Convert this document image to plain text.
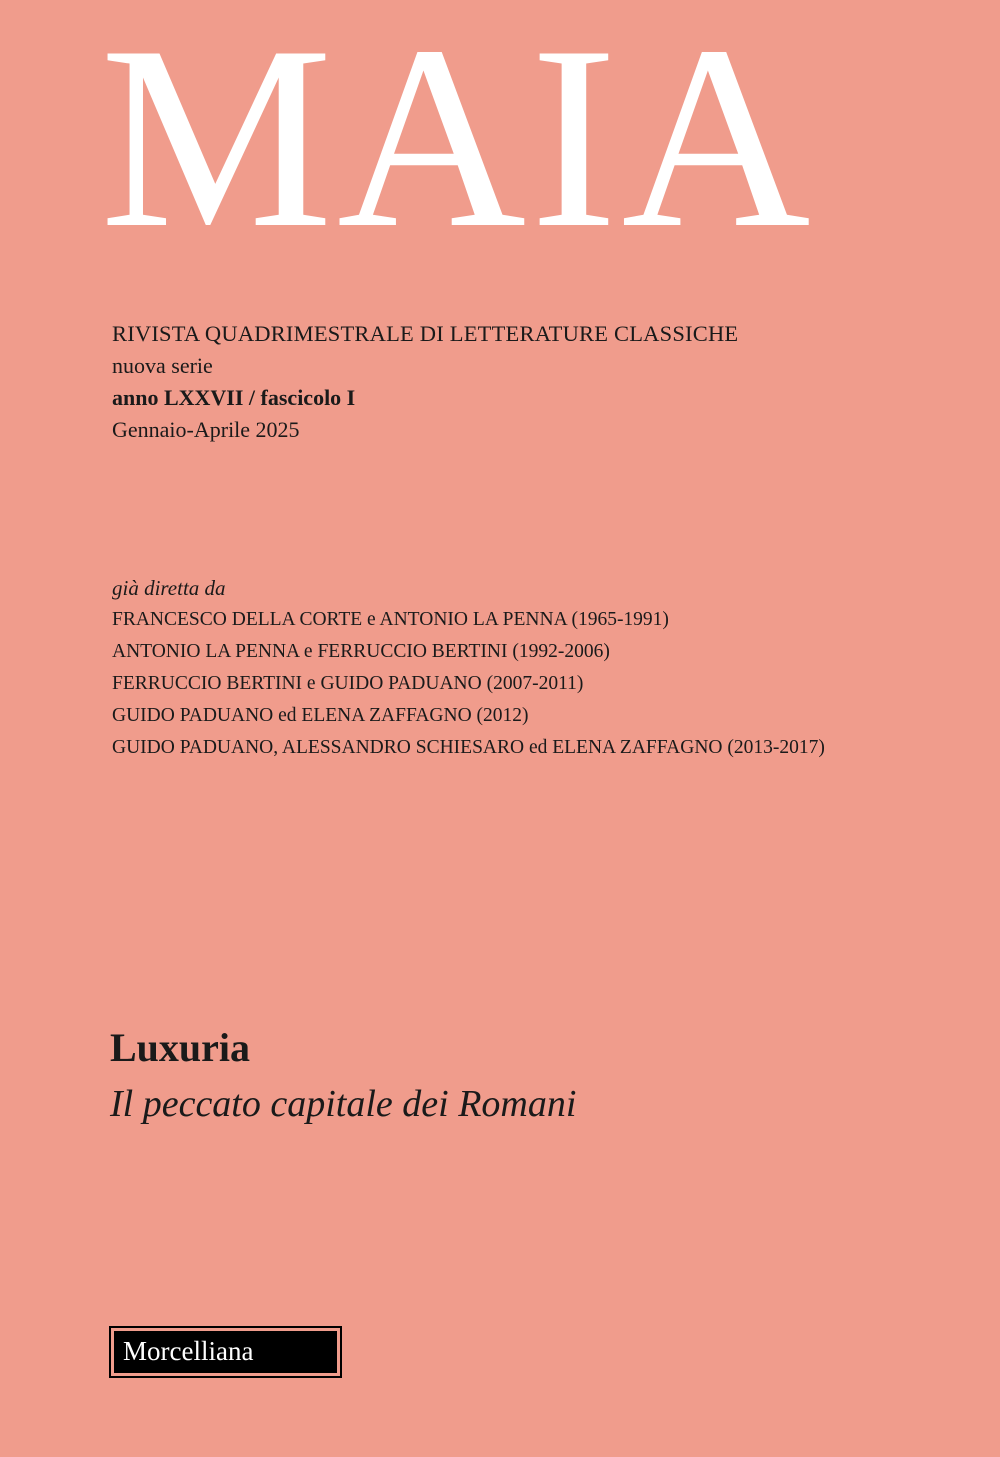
MAIA
RIVISTA QUADRIMESTRALE DI LETTERATURE CLASSICHE
nuova serie
anno LXXVII / fascicolo I
Gennaio-Aprile 2025
già diretta da
FRANCESCO DELLA CORTE e ANTONIO LA PENNA (1965-1991)
ANTONIO LA PENNA e FERRUCCIO BERTINI (1992-2006)
FERRUCCIO BERTINI e GUIDO PADUANO (2007-2011)
GUIDO PADUANO ed ELENA ZAFFAGNO (2012)
GUIDO PADUANO, ALESSANDRO SCHIESARO ed ELENA ZAFFAGNO (2013-2017)
Luxuria
Il peccato capitale dei Romani
Morcelliana
